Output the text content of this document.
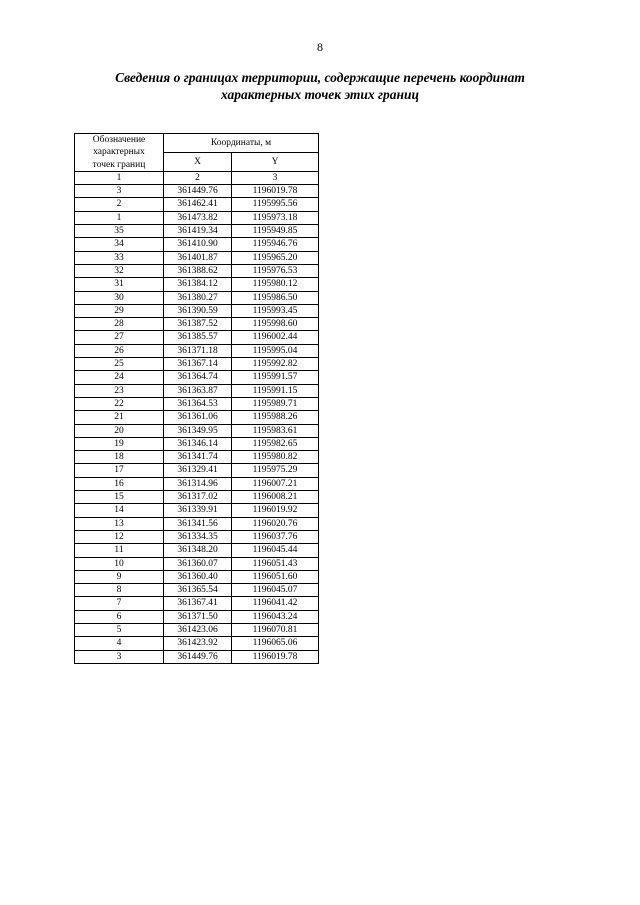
8
Сведения о границах территории, содержащие перечень координат
характерных точек этих границ
Обозначение
характерных
точек границ	Координаты, м	
	X	Y
1	2	3
3	361449.76	1196019.78
2	361462.41	1195995.56
1	361473.82	1195973.18
35	361419.34	1195949.85
34	361410.90	1195946.76
33	361401.87	1195965.20
32	361388.62	1195976.53
31	361384.12	1195980.12
30	361380.27	1195986.50
29	361390.59	1195993.45
28	361387.52	1195998.60
27	361385.57	1196002.44
26	361371.18	1195995.04
25	361367.14	1195992.82
24	361364.74	1195991.57
23	361363.87	1195991.15
22	361364.53	1195989.71
21	361361.06	1195988.26
20	361349.95	1195983.61
19	361346.14	1195982.65
18	361341.74	1195980.82
17	361329.41	1195975.29
16	361314.96	1196007.21
15	361317.02	1196008.21
14	361339.91	1196019.92
13	361341.56	1196020.76
12	361334.35	1196037.76
11	361348.20	1196045.44
10	361360.07	1196051.43
9	361360.40	1196051.60
8	361365.54	1196045.07
7	361367.41	1196041.42
6	361371.50	1196043.24
5	361423.06	1196070.81
4	361423.92	1196065.06
3	361449.76	1196019.78
